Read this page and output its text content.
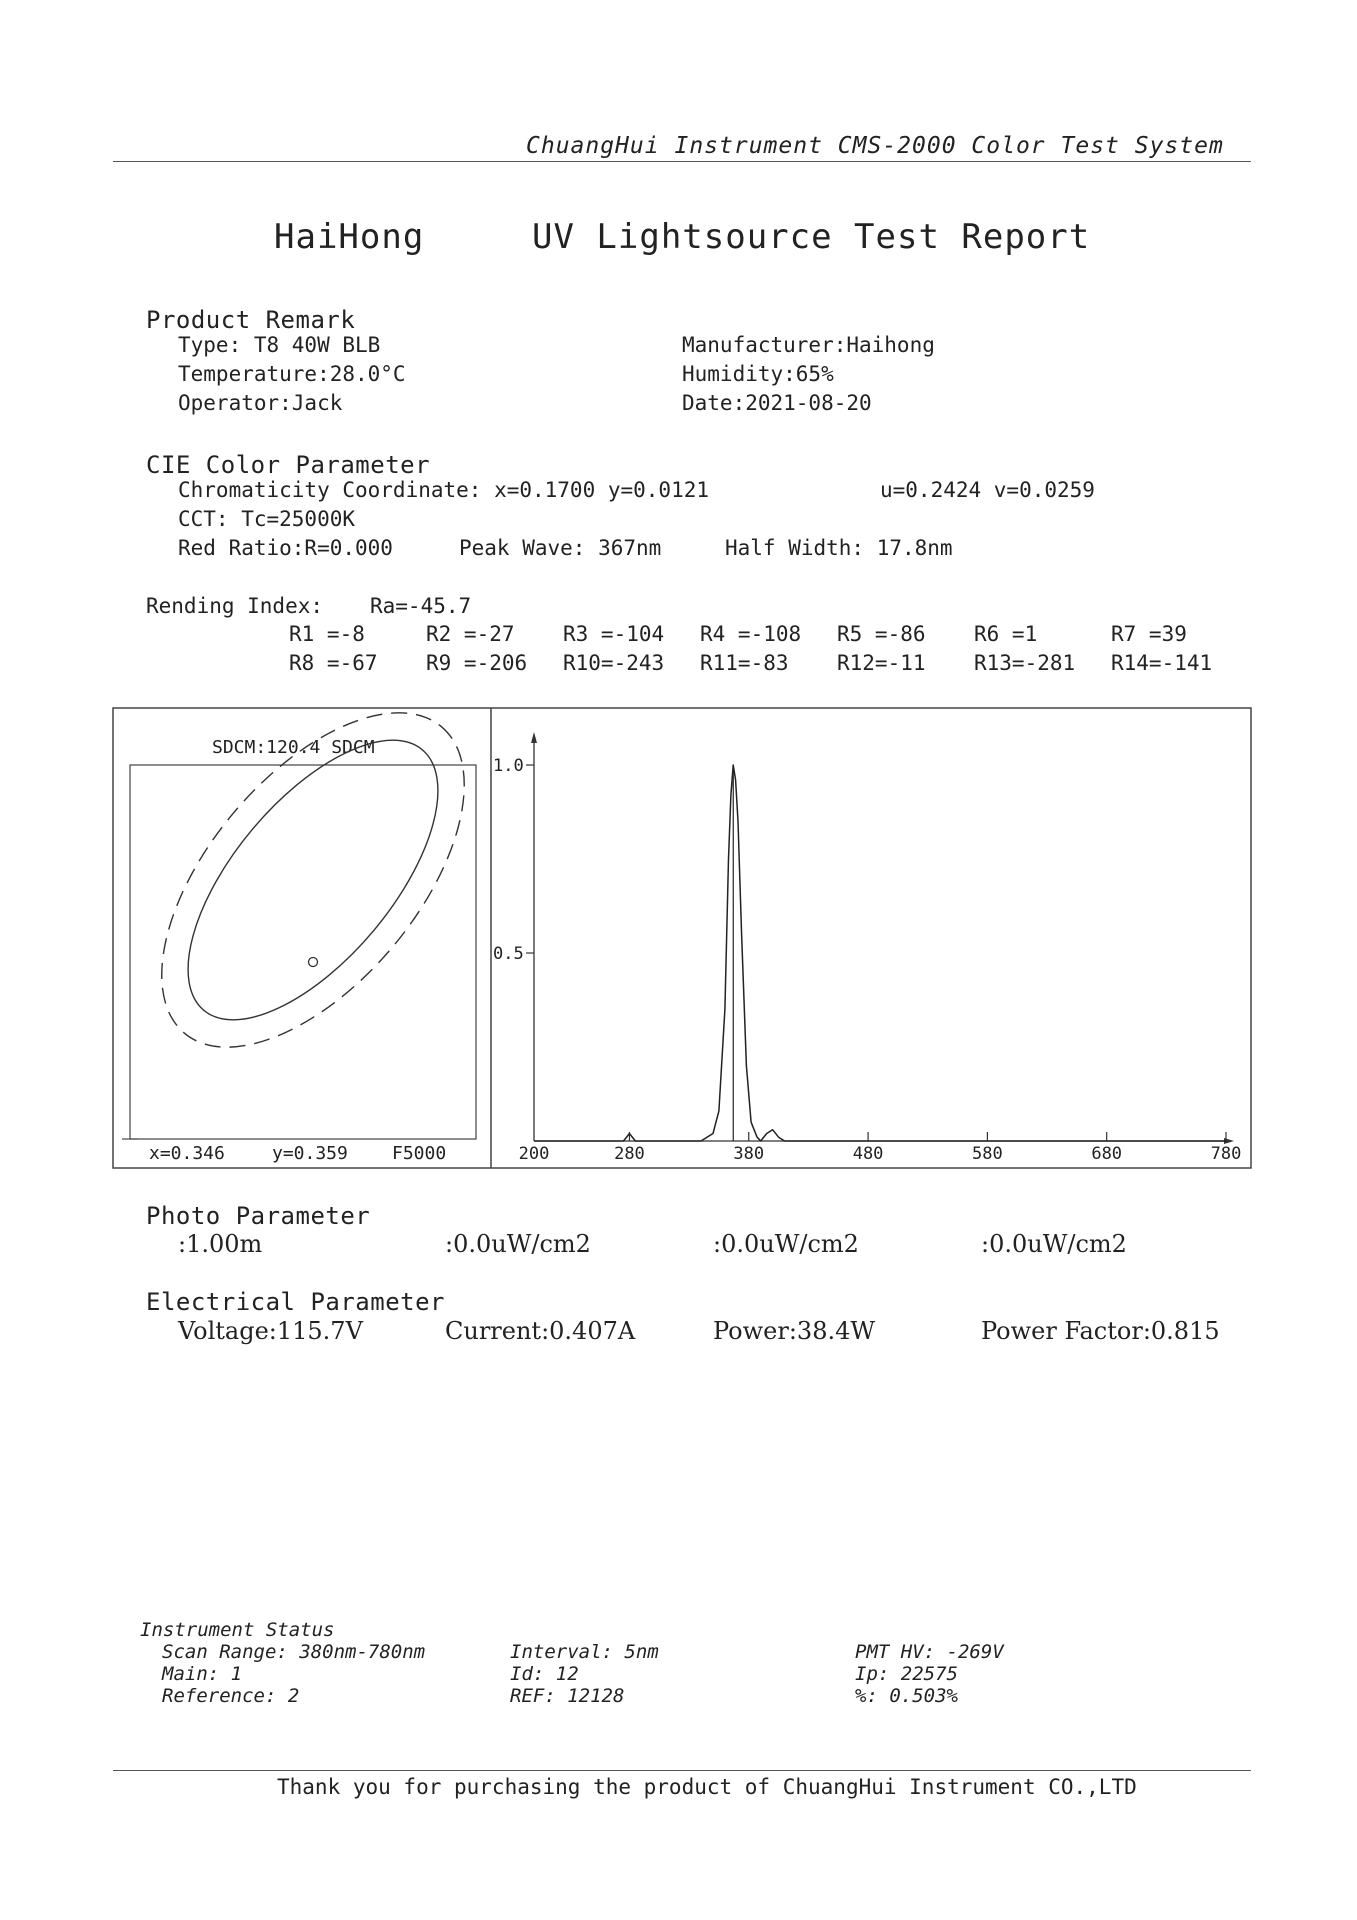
ChuangHui Instrument CMS-2000 Color Test System
HaiHong	UV Lightsource Test Report
Product Remark
Type: T8 40W BLB
Temperature:28.0°C
Operator:Jack
Manufacturer:Haihong
Humidity:65%
Date:2021-08-20
CIE Color Parameter
Chromaticity Coordinate: x=0.1700 y=0.0121	u=0.2424 v=0.0259
CCT: Tc=25000K
Red Ratio:R=0.000	Peak Wave: 367nm	Half Width: 17.8nm
Rending Index: Ra=-45.7
R1 =-8	R2 =-27 R3 =-104 R4 =-108 R5 =-86 R6 =1	R7 =39
R8 =-67 R9 =-206 R10=-243 R11=-83 R12=-11 R13=-281 R14=-141
SDCM:120.4 SDCM
x=0.346	y=0.359 F5000	200	280	380	480	580	680	780
1.0
0.5
Photo Parameter
:1.00m	:0.0uW/cm2	:0.0uW/cm2	:0.0uW/cm2
Electrical Parameter
Voltage:115.7V	Current:0.407A	Power:38.4W	Power Factor:0.815
Instrument Status
Scan Range: 380nm-780nm
Main: 1
Reference: 2
Interval: 5nm
Id: 12
REF: 12128
PMT HV: -269V
Ip: 22575
%: 0.503%
Thank you for purchasing the product of ChuangHui Instrument CO.,LTD
